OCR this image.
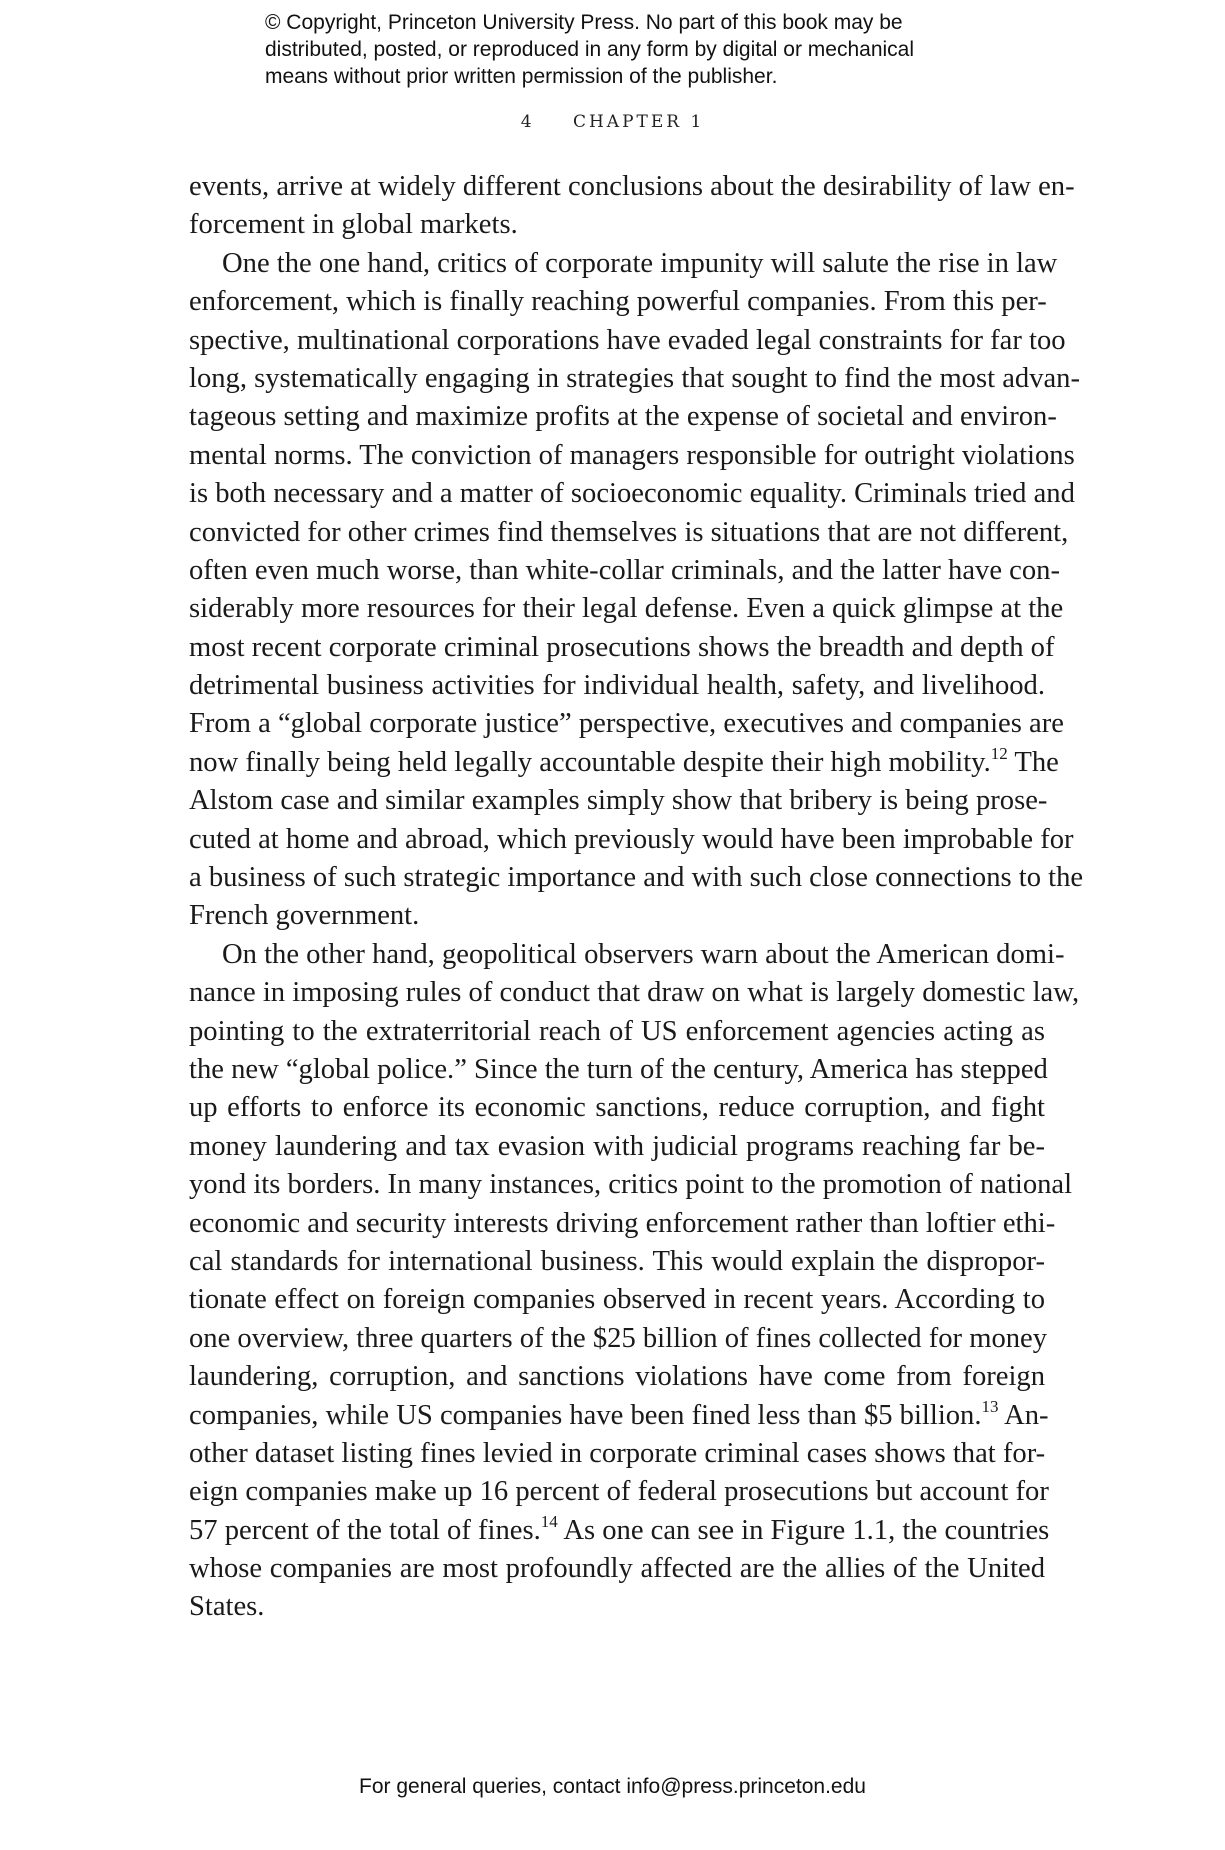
© Copyright, Princeton University Press. No part of this book may be
distributed, posted, or reproduced in any form by digital or mechanical
means without prior written permission of the publisher.
4 CHAPTER 1
events, arrive at widely different conclusions about the desirability of law en-
forcement in global markets.
One the one hand, critics of corporate impunity will salute the rise in law
enforcement, which is finally reaching powerful companies. From this per-
spective, multinational corporations have evaded legal constraints for far too
long, systematically engaging in strategies that sought to find the most advan-
tageous setting and maximize profits at the expense of societal and environ-
mental norms. The conviction of managers responsible for outright violations
is both necessary and a matter of socioeconomic equality. Criminals tried and
convicted for other crimes find themselves is situations that are not different,
often even much worse, than white-collar criminals, and the latter have con-
siderably more resources for their legal defense. Even a quick glimpse at the
most recent corporate criminal prosecutions shows the breadth and depth of
detrimental business activities for individual health, safety, and livelihood.
From a “global corporate justice” perspective, executives and companies are
now finally being held legally accountable despite their high mobility.$^{12}$ The
Alstom case and similar examples simply show that bribery is being prose-
cuted at home and abroad, which previously would have been improbable for
a business of such strategic importance and with such close connections to the
French government.
On the other hand, geopolitical observers warn about the American domi-
nance in imposing rules of conduct that draw on what is largely domestic law,
pointing to the extraterritorial reach of US enforcement agencies acting as
the new “global police.” Since the turn of the century, America has stepped
up efforts to enforce its economic sanctions, reduce corruption, and fight
money laundering and tax evasion with judicial programs reaching far be-
yond its borders. In many instances, critics point to the promotion of national
economic and security interests driving enforcement rather than loftier ethi-
cal standards for international business. This would explain the dispropor-
tionate effect on foreign companies observed in recent years. According to
one overview, three quarters of the $25 billion of fines collected for money
laundering, corruption, and sanctions violations have come from foreign
companies, while US companies have been fined less than $5 billion.$^{13}$ An-
other dataset listing fines levied in corporate criminal cases shows that for-
eign companies make up 16 percent of federal prosecutions but account for
57 percent of the total of fines.$^{14}$ As one can see in Figure 1.1, the countries
whose companies are most profoundly affected are the allies of the United
States.
For general queries, contact info@press.princeton.edu
